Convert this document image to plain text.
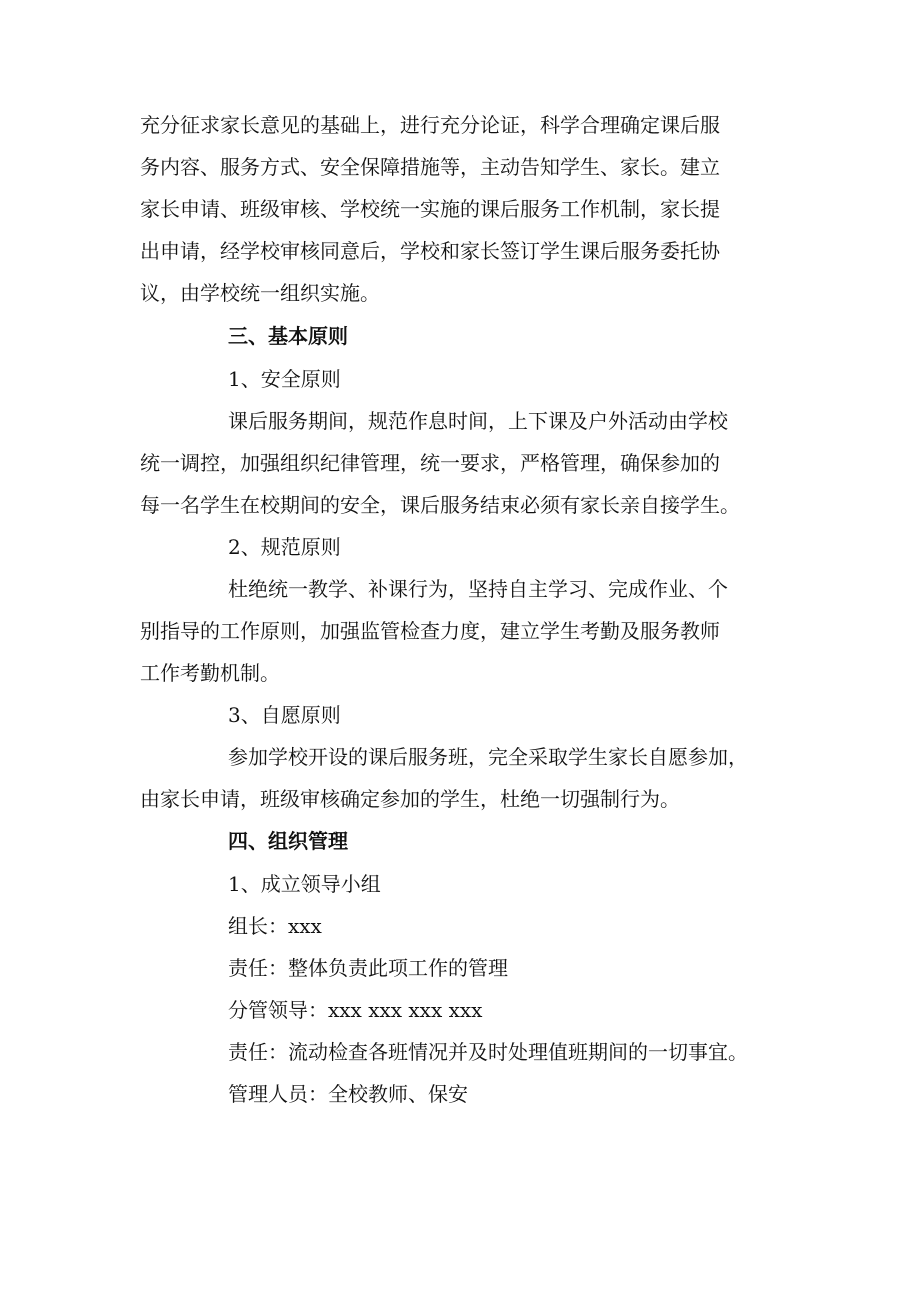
充分征求家长意见的基础上，进行充分论证，科学合理确定课后服
务内容、服务方式、安全保障措施等，主动告知学生、家长。建立
家长申请、班级审核、学校统一实施的课后服务工作机制，家长提
出申请，经学校审核同意后，学校和家长签订学生课后服务委托协
议，由学校统一组织实施。
三、基本原则
1、安全原则
课后服务期间，规范作息时间，上下课及户外活动由学校
统一调控，加强组织纪律管理，统一要求，严格管理，确保参加的
每一名学生在校期间的安全，课后服务结束必须有家长亲自接学生。
2、规范原则
杜绝统一教学、补课行为，坚持自主学习、完成作业、个
别指导的工作原则，加强监管检查力度，建立学生考勤及服务教师
工作考勤机制。
3、自愿原则
参加学校开设的课后服务班，完全采取学生家长自愿参加，
由家长申请，班级审核确定参加的学生，杜绝一切强制行为。
四、组织管理
1、成立领导小组
组长：xxx
责任：整体负责此项工作的管理
分管领导：xxx xxx xxx xxx
责任：流动检查各班情况并及时处理值班期间的一切事宜。
管理人员：全校教师、保安
